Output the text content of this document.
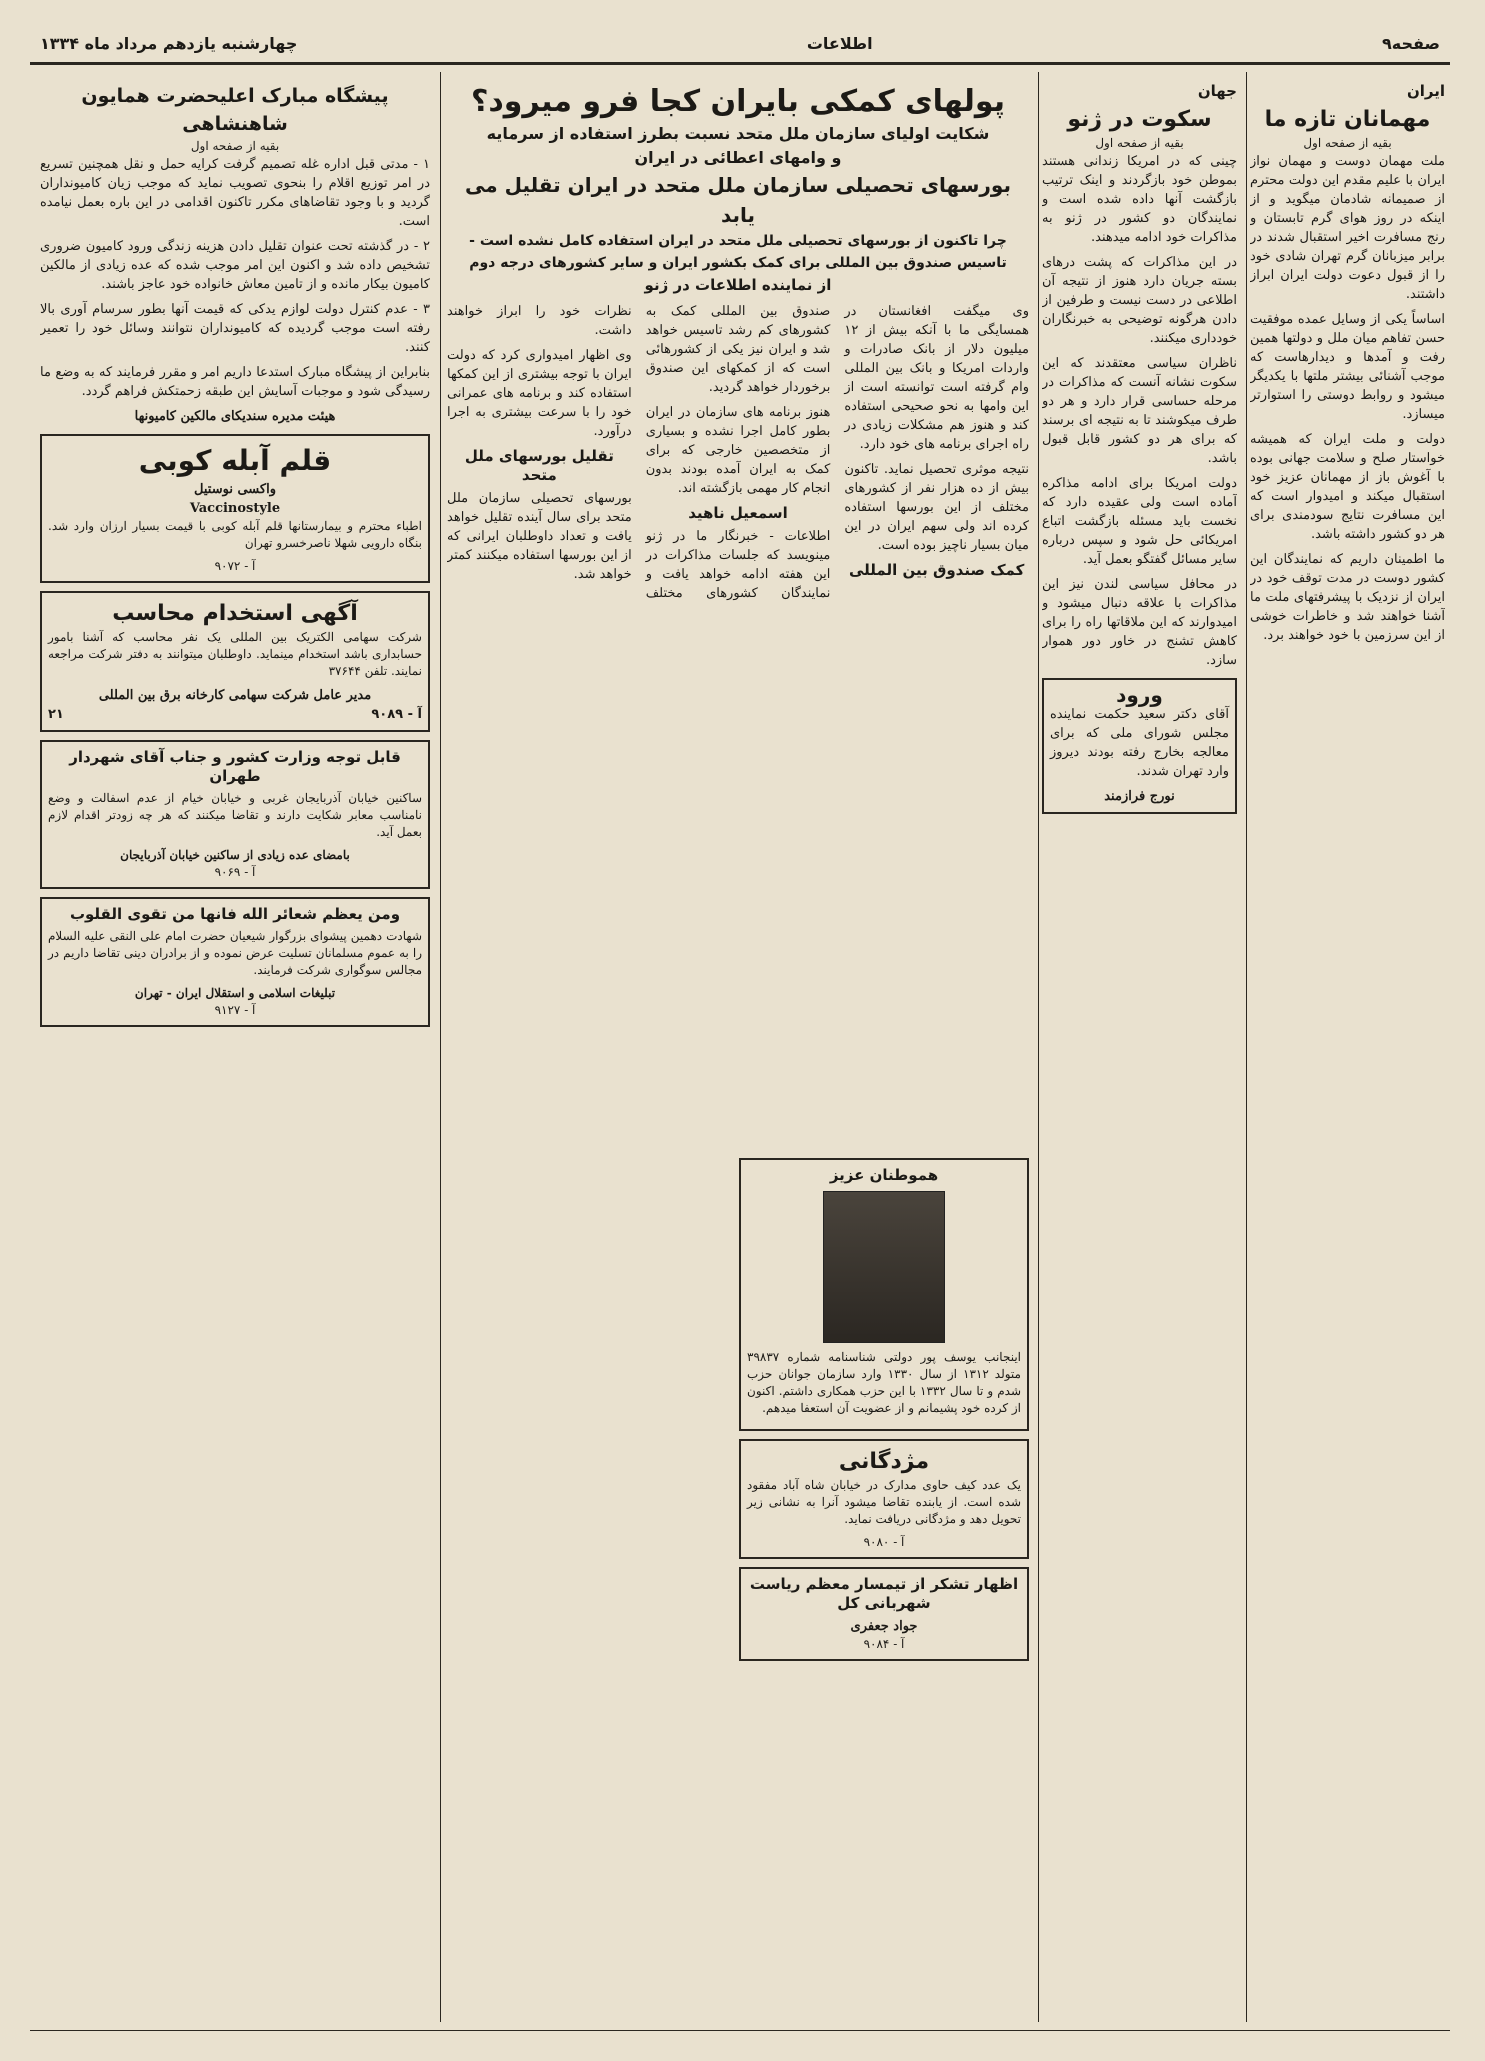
صفحه۹
اطلاعات
چهارشنبه یازدهم مرداد ماه ۱۳۳۴
ایران
مهمانان تازه ما
بقیه از صفحه اول

ملت مهمان دوست و مهمان نواز ایران با علیم مقدم این دولت محترم از صمیمانه شادمان میگوید و از اینکه در روز هوای گرم تابستان و رنج مسافرت اخیر استقبال شدند در برابر میزبانان گرم تهران شادی خود را از قبول دعوت دولت ایران ابراز داشتند.

اساساً یکی از وسایل عمده موفقیت حسن تفاهم میان ملل و دولتها همین رفت و آمدها و دیدارهاست که موجب آشنائی بیشتر ملتها با یکدیگر میشود و روابط دوستی را استوارتر میسازد.

دولت و ملت ایران که همیشه خواستار صلح و سلامت جهانی بوده با آغوش باز از مهمانان عزیز خود استقبال میکند و امیدوار است که این مسافرت نتایج سودمندی برای هر دو کشور داشته باشد.

ما اطمینان داریم که نمایندگان این کشور دوست در مدت توقف خود در ایران از نزدیک با پیشرفتهای ملت ما آشنا خواهند شد و خاطرات خوشی از این سرزمین با خود خواهند برد.

جهان
سکوت در ژنو
بقیه از صفحه اول

چینی که در امریکا زندانی هستند بموطن خود بازگردند و اینک ترتیب بازگشت آنها داده شده است و نمایندگان دو کشور در ژنو به مذاکرات خود ادامه میدهند.

در این مذاکرات که پشت درهای بسته جریان دارد هنوز از نتیجه آن اطلاعی در دست نیست و طرفین از دادن هرگونه توضیحی به خبرنگاران خودداری میکنند.

ناظران سیاسی معتقدند که این سکوت نشانه آنست که مذاکرات در مرحله حساسی قرار دارد و هر دو طرف میکوشند تا به نتیجه ای برسند که برای هر دو کشور قابل قبول باشد.

دولت امریکا برای ادامه مذاکره آماده است ولی عقیده دارد که نخست باید مسئله بازگشت اتباع امریکائی حل شود و سپس درباره سایر مسائل گفتگو بعمل آید.

در محافل سیاسی لندن نیز این مذاکرات با علاقه دنبال میشود و امیدوارند که این ملاقاتها راه را برای کاهش تشنج در خاور دور هموار سازد.

ورود

آقای دکتر سعید حکمت نماینده مجلس شورای ملی که برای معالجه بخارج رفته بودند دیروز وارد تهران شدند.

نورج فرازمند
پولهای کمکی بایران کجا فرو میرود؟
شکایت اولیای سازمان ملل متحد نسبت بطرز استفاده از سرمایه
و وامهای اعطائی در ایران
بورسهای تحصیلی سازمان ملل متحد در ایران تقلیل می یابد
چرا تاکنون از بورسهای تحصیلی ملل متحد در ایران استفاده کامل نشده است - تاسیس صندوق بین المللی برای کمک بکشور ایران و سایر کشورهای درجه دوم
از نماینده اطلاعات در ژنو

وی میگفت افغانستان در همسایگی ما با آنکه بیش از ۱۲ میلیون دلار از بانک صادرات و واردات امریکا و بانک بین المللی وام گرفته است توانسته است از این وامها به نحو صحیحی استفاده کند و هنوز هم مشکلات زیادی در راه اجرای برنامه های خود دارد.

نتیجه موثری تحصیل نماید. تاکنون بیش از ده هزار نفر از کشورهای مختلف از این بورسها استفاده کرده اند ولی سهم ایران در این میان بسیار ناچیز بوده است.

کمک صندوق بین المللی

صندوق بین المللی کمک به کشورهای کم رشد تاسیس خواهد شد و ایران نیز یکی از کشورهائی است که از کمکهای این صندوق برخوردار خواهد گردید.

هنوز برنامه های سازمان در ایران بطور کامل اجرا نشده و بسیاری از متخصصین خارجی که برای کمک به ایران آمده بودند بدون انجام کار مهمی بازگشته اند.

اسمعیل ناهید

اطلاعات - خبرنگار ما در ژنو مینویسد که جلسات مذاکرات در این هفته ادامه خواهد یافت و نمایندگان کشورهای مختلف نظرات خود را ابراز خواهند داشت.

وی اظهار امیدواری کرد که دولت ایران با توجه بیشتری از این کمکها استفاده کند و برنامه های عمرانی خود را با سرعت بیشتری به اجرا درآورد.

تقلیل بورسهای ملل متحد

بورسهای تحصیلی سازمان ملل متحد برای سال آینده تقلیل خواهد یافت و تعداد داوطلبان ایرانی که از این بورسها استفاده میکنند کمتر خواهد شد.

هموطنان عزیز

اینجانب یوسف پور دولتی شناسنامه شماره ۳۹۸۳۷ متولد ۱۳۱۲ از سال ۱۳۳۰ وارد سازمان جوانان حزب شدم و تا سال ۱۳۳۲ با این حزب همکاری داشتم. اکنون از کرده خود پشیمانم و از عضویت آن استعفا میدهم.

مژدگانی

یک عدد کیف حاوی مدارک در خیابان شاه آباد مفقود شده است. از یابنده تقاضا میشود آنرا به نشانی زیر تحویل دهد و مژدگانی دریافت نماید.

آ - ۹۰۸۰
اظهار تشکر از تیمسار معظم ریاست شهربانی کل
جواد جعفری
آ - ۹۰۸۴
پیشگاه مبارک اعلیحضرت همایون شاهنشاهی
بقیه از صفحه اول

۱ - مدتی قبل اداره غله تصمیم گرفت کرایه حمل و نقل همچنین تسریع در امر توزیع اقلام را بنحوی تصویب نماید که موجب زیان کامیونداران گردید و با وجود تقاضاهای مکرر تاکنون اقدامی در این باره بعمل نیامده است.

۲ - در گذشته تحت عنوان تقلیل دادن هزینه زندگی ورود کامیون ضروری تشخیص داده شد و اکنون این امر موجب شده که عده زیادی از مالکین کامیون بیکار مانده و از تامین معاش خانواده خود عاجز باشند.

۳ - عدم کنترل دولت لوازم یدکی که قیمت آنها بطور سرسام آوری بالا رفته است موجب گردیده که کامیونداران نتوانند وسائل خود را تعمیر کنند.

بنابراین از پیشگاه مبارک استدعا داریم امر و مقرر فرمایند که به وضع ما رسیدگی شود و موجبات آسایش این طبقه زحمتکش فراهم گردد.

هیئت مدیره سندیکای مالکین کامیونها
قلم آبله کوبی
واکسی نوستیل
Vaccinostyle

اطباء محترم و بیمارستانها قلم آبله کوبی با قیمت بسیار ارزان وارد شد. بنگاه دارویی شهلا ناصرخسرو تهران

آ - ۹۰۷۲
آگهی استخدام محاسب

شرکت سهامی الکتریک بین المللی یک نفر محاسب که آشنا بامور حسابداری باشد استخدام مینماید. داوطلبان میتوانند به دفتر شرکت مراجعه نمایند. تلفن ۳۷۶۴۴

مدیر عامل شرکت سهامی کارخانه برق بین المللی
آ - ۹۰۸۹
۲۱
قابل توجه وزارت کشور و جناب آقای شهردار طهران

ساکنین خیابان آذربایجان غربی و خیابان خیام از عدم اسفالت و وضع نامناسب معابر شکایت دارند و تقاضا میکنند که هر چه زودتر اقدام لازم بعمل آید.

بامضای عده زیادی از ساکنین خیابان آذربایجان
آ - ۹۰۶۹
ومن یعظم شعائر الله فانها من تقوی القلوب

شهادت دهمین پیشوای بزرگوار شیعیان حضرت امام علی النقی علیه السلام را به عموم مسلمانان تسلیت عرض نموده و از برادران دینی تقاضا داریم در مجالس سوگواری شرکت فرمایند.

تبلیغات اسلامی و استقلال ایران - تهران
آ - ۹۱۲۷
